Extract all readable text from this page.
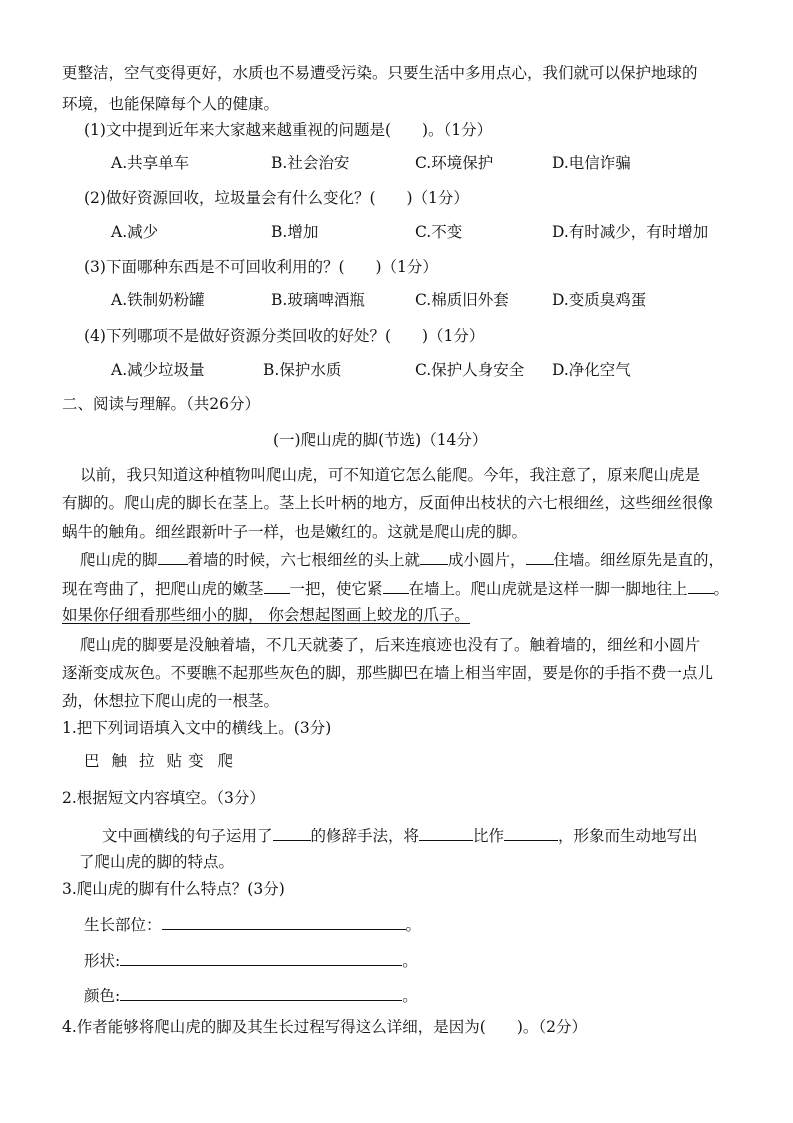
更整洁，空气变得更好，水质也不易遭受污染。只要生活中多用点心，我们就可以保护地球的
环境，也能保障每个人的健康。
(1)文中提到近年来大家越来越重视的问题是(　　)。（1分）
A.共享单车	B.社会治安	C.环境保护	D.电信诈骗
(2)做好资源回收，垃圾量会有什么变化？(　　)（1分）
A.减少	B.增加	C.不变	D.有时减少，有时增加
(3)下面哪种东西是不可回收利用的？(　　)（1分）
A.铁制奶粉罐	B.玻璃啤酒瓶	C.棉质旧外套	D.变质臭鸡蛋
(4)下列哪项不是做好资源分类回收的好处？(　　)（1分）
A.减少垃圾量	B.保护水质	C.保护人身安全 D.净化空气
二、阅读与理解。（共26分）
(一)爬山虎的脚(节选)（14分）
以前，我只知道这种植物叫爬山虎，可不知道它怎么能爬。今年，我注意了，原来爬山虎是
有脚的。爬山虎的脚长在茎上。茎上长叶柄的地方，反面伸出枝状的六七根细丝，这些细丝很像
蜗牛的触角。细丝跟新叶子一样，也是嫩红的。这就是爬山虎的脚。
爬山虎的脚 着墙的时候，六七根细丝的头上就 成小圆片， 住墙。细丝原先是直的，
现在弯曲了，把爬山虎的嫩茎 一把，使它紧 在墙上。爬山虎就是这样一脚一脚地往上 。
如果你仔细看那些细小的脚， 你会想起图画上蛟龙的爪子。
爬山虎的脚要是没触着墙，不几天就萎了，后来连痕迹也没有了。触着墙的，细丝和小圆片
逐渐变成灰色。不要瞧不起那些灰色的脚，那些脚巴在墙上相当牢固，要是你的手指不费一点儿
劲，休想拉下爬山虎的一根茎。
1.把下列词语填入文中的横线上。(3分)
巴 触 拉 贴 变 爬
2.根据短文内容填空。（3分）
文中画横线的句子运用了 的修辞手法，将	比作	，形象而生动地写出
了爬山虎的脚的特点。
3.爬山虎的脚有什么特点？(3分)
生长部位：	。
形状:	。
颜色:	。
4.作者能够将爬山虎的脚及其生长过程写得这么详细，是因为(　　)。（2分）
